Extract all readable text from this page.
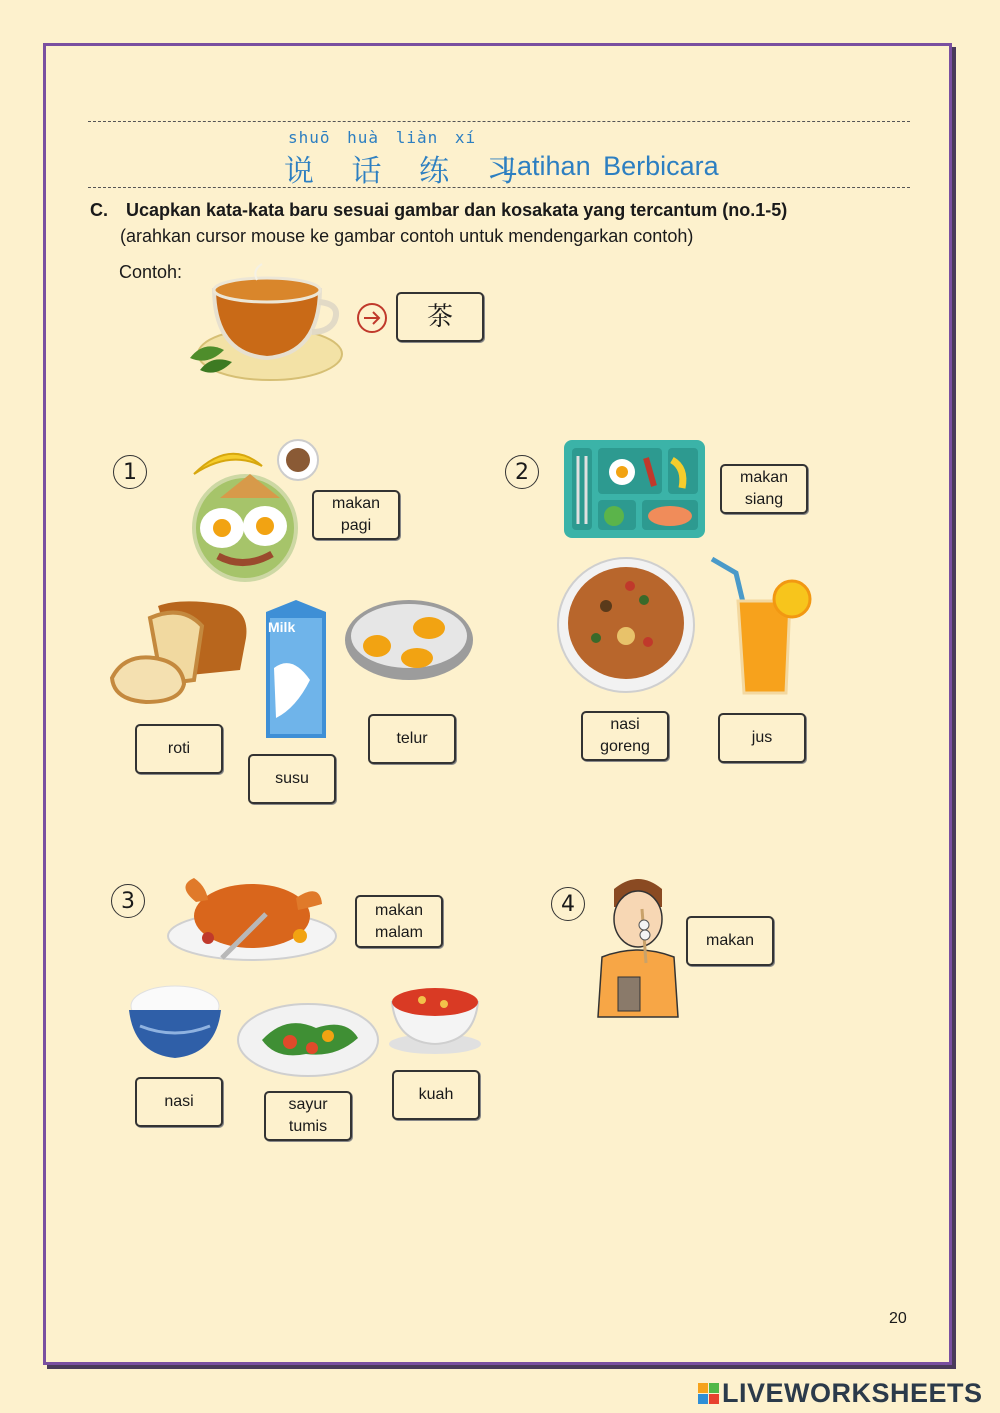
shuō huà liàn xí
说 话 练 习
Latihan Berbicara
C. Ucapkan kata-kata baru sesuai gambar dan kosakata yang tercantum (no.1-5)
(arahkan cursor mouse ke gambar contoh untuk mendengarkan contoh)
Contoh:
茶
1
makan
pagi
Milk
roti
susu
telur
2	makan
siang
nasi
goreng
jus
3	makan
malam
nasi	sayur
tumis
kuah
4
makan
20
LIVEWORKSHEETS
